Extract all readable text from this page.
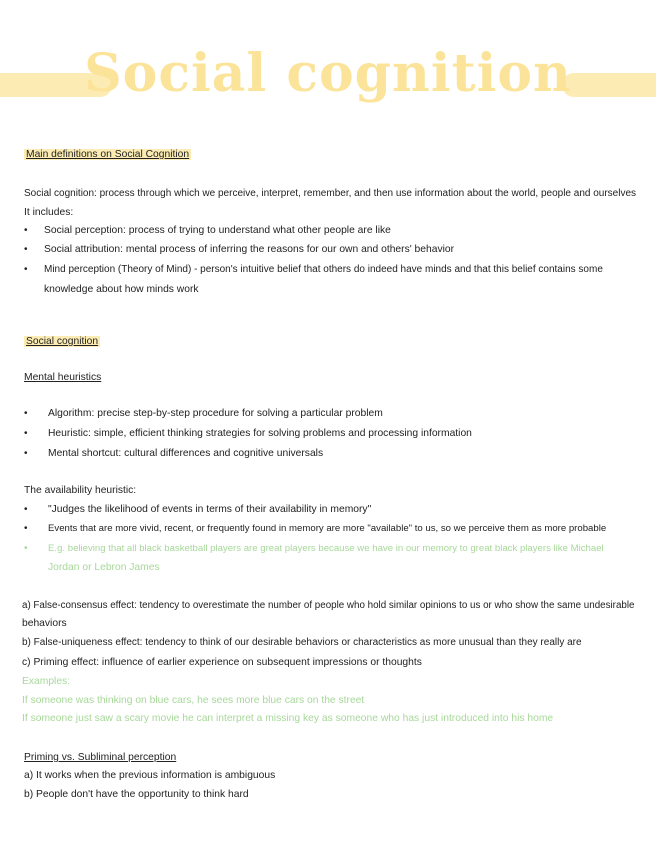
Social cognition
Main definitions on Social Cognition
Social cognition: process through which we perceive, interpret, remember, and then use information about the world, people and ourselves
It includes:
• Social perception: process of trying to understand what other people are like
• Social attribution: mental process of inferring the reasons for our own and others' behavior
• Mind perception (Theory of Mind) - person's intuitive belief that others do indeed have minds and that this belief contains some
knowledge about how minds work
Social cognition
Mental heuristics
• Algorithm: precise step-by-step procedure for solving a particular problem
• Heuristic: simple, efficient thinking strategies for solving problems and processing information
• Mental shortcut: cultural differences and cognitive universals
The availability heuristic:
• "Judges the likelihood of events in terms of their availability in memory"
• Events that are more vivid, recent, or frequently found in memory are more "available" to us, so we perceive them as more probable
• E.g. believing that all black basketball players are great players because we have in our memory to great black players like Michael
Jordan or Lebron James
a) False-consensus effect: tendency to overestimate the number of people who hold similar opinions to us or who show the same undesirable
behaviors
b) False-uniqueness effect: tendency to think of our desirable behaviors or characteristics as more unusual than they really are
c) Priming effect: influence of earlier experience on subsequent impressions or thoughts
Examples:
If someone was thinking on blue cars, he sees more blue cars on the street
If someone just saw a scary movie he can interpret a missing key as someone who has just introduced into his home
Priming vs. Subliminal perception
a) It works when the previous information is ambiguous
b) People don't have the opportunity to think hard
